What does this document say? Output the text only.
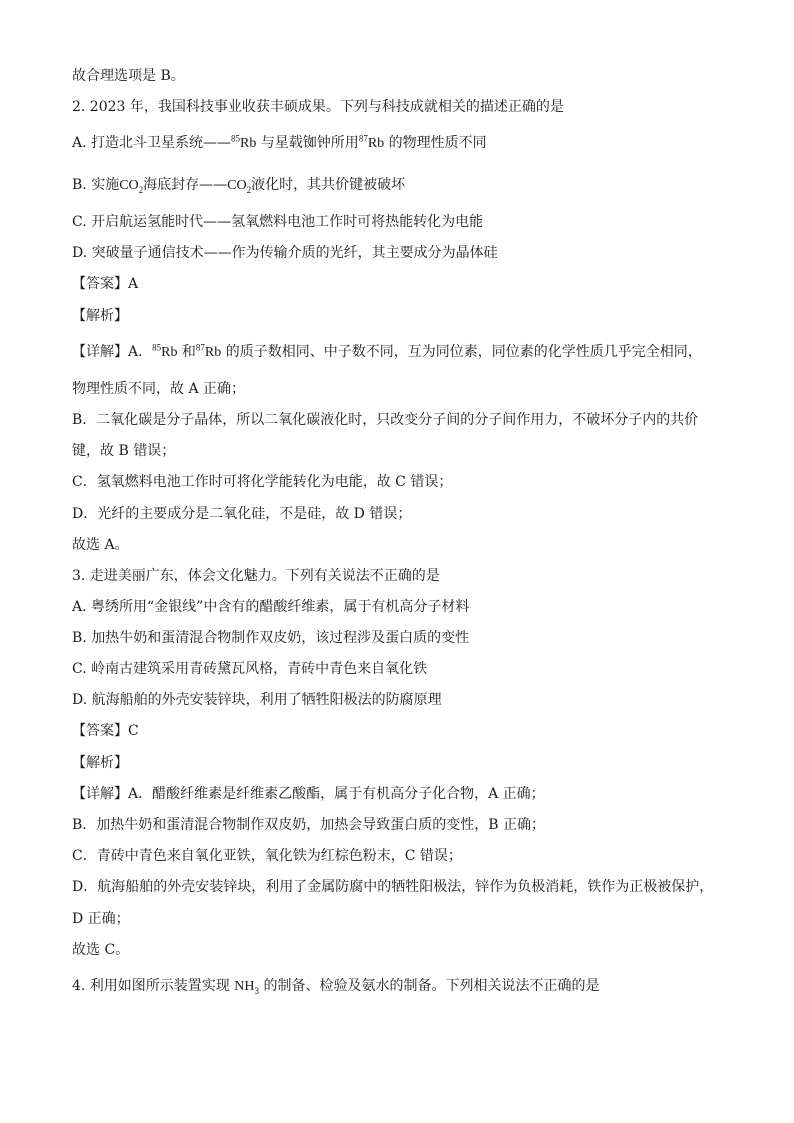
故合理选项是 B。
2. 2023 年，我国科技事业收获丰硕成果。下列与科技成就相关的描述正确的是
A. 打造北斗卫星系统——$^{85}$Rb 与星载铷钟所用$^{87}$Rb 的物理性质不同
B. 实施$CO_2$海底封存$——CO_2$液化时，其共价键被破坏
C. 开启航运氢能时代——氢氧燃料电池工作时可将热能转化为电能
D. 突破量子通信技术——作为传输介质的光纤，其主要成分为晶体硅
【答案】A
【解析】
【详解】A．$^{85}$Rb 和$^{87}$Rb 的质子数相同、中子数不同，互为同位素，同位素的化学性质几乎完全相同，
物理性质不同，故 A 正确；
B．二氧化碳是分子晶体，所以二氧化碳液化时，只改变分子间的分子间作用力，不破坏分子内的共价
键，故 B 错误；
C．氢氧燃料电池工作时可将化学能转化为电能，故 C 错误；
D．光纤的主要成分是二氧化硅，不是硅，故 D 错误；
故选 A。
3. 走进美丽广东，体会文化魅力。下列有关说法不正确的是
A. 粤绣所用“金银线”中含有的醋酸纤维素，属于有机高分子材料
B. 加热牛奶和蛋清混合物制作双皮奶，该过程涉及蛋白质的变性
C. 岭南古建筑采用青砖黛瓦风格，青砖中青色来自氧化铁
D. 航海船舶的外壳安装锌块，利用了牺牲阳极法的防腐原理
【答案】C
【解析】
【详解】A．醋酸纤维素是纤维素乙酸酯，属于有机高分子化合物，A 正确；
B．加热牛奶和蛋清混合物制作双皮奶，加热会导致蛋白质的变性，B 正确；
C．青砖中青色来自氧化亚铁，氧化铁为红棕色粉末，C 错误；
D．航海船舶的外壳安装锌块，利用了金属防腐中的牺牲阳极法，锌作为负极消耗，铁作为正极被保护，
D 正确；
故选 C。
4. 利用如图所示装置实现 $NH_3$ 的制备、检验及氨水的制备。下列相关说法不正确的是
